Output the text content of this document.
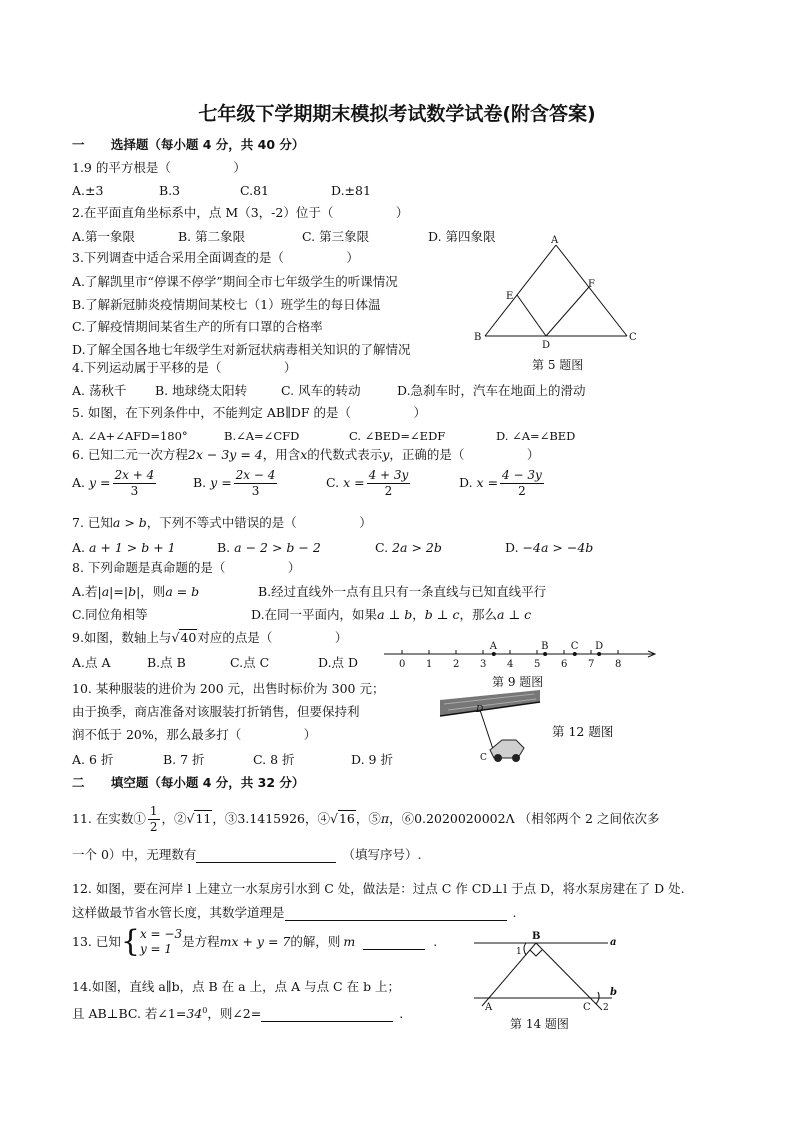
七年级下学期期末模拟考试数学试卷(附含答案)
一 选择题（每小题 4 分，共 40 分）
1.9 的平方根是（　　　　　）
A.±3	B.3	C.81	D.±81
2.在平面直角坐标系中，点 M（3，-2）位于（　　　　　）
A.第一象限	B. 第二象限	C. 第三象限	D. 第四象限
3.下列调查中适合采用全面调查的是（　　　　　）
A.了解凯里市“停课不停学”期间全市七年级学生的听课情况
B.了解新冠肺炎疫情期间某校七（1）班学生的每日体温
C.了解疫情期间某省生产的所有口罩的合格率
D.了解全国各地七年级学生对新冠状病毒相关知识的了解情况
A
B	C
D
E
F
第 5 题图
4.下列运动属于平移的是（　　　　　）
A. 荡秋千 B. 地球绕太阳转	C. 风车的转动	D.急刹车时，汽车在地面上的滑动
5. 如图，在下列条件中，不能判定 AB∥DF 的是（　　　　　）
A. ∠A+∠AFD=180°	B.∠A=∠CFD	C. ∠BED=∠EDF	D. ∠A=∠BED
6. 已知二元一次方程2x − 3y = 4，用含x的代数式表示y，正确的是（　　　　　）
A. $y = \frac{2x + 4}{3}$	B. $y = \frac{2x - 4}{3}$	C. $x = \frac{4 + 3y}{2}$	D. $x = \frac{4 - 3y}{2}$
7. 已知a > b，下列不等式中错误的是（　　　　　）
A. a + 1 > b + 1	B. a − 2 > b − 2	C. 2a > 2b	D. −4a > −4b
8. 下列命题是真命题的是（　　　　　）
A.若|a|=|b|，则a = b	B.经过直线外一点有且只有一条直线与已知直线平行
C.同位角相等	D.在同一平面内，如果a ⊥ b，b ⊥ c，那么a ⊥ c
9.如图，数轴上与√40对应的点是（　　　　　）
A.点 A	B.点 B	C.点 C	D.点 D	0 1 2 3 4 5 6 7 8
A	B C D
第 9 题图
10. 某种服装的进价为 200 元，出售时标价为 300 元；
由于换季，商店准备对该服装打折销售，但要保持利
润不低于 20%，那么最多打（　　　　　）
A. 6 折	B. 7 折	C. 8 折	D. 9 折
D
C
第 12 题图
二 填空题（每小题 4 分，共 32 分）
11. 在实数① $\frac{1}{2}$ ，②√11，③3.1415926，④√16，⑤π，⑥0.2020020002Λ （相邻两个 2 之间依次多
一个 0）中，无理数有	（填写序号）.
12. 如图，要在河岸 l 上建立一水泵房引水到 C 处，做法是：过点 C 作 CD⊥l 于点 D，将水泵房建在了 D 处.
这样做最节省水管长度，其数学道理是	.
13. 已知{ x = −3
y = 1 是方程mx + y = 7的解，则 m	.
14.如图，直线 a∥b，点 B 在 a 上，点 A 与点 C 在 b 上；
且 AB⊥BC. 若$\angle 1=34^0$，则∠2=	.
B
a
b
A	C
1
2
第 14 题图
